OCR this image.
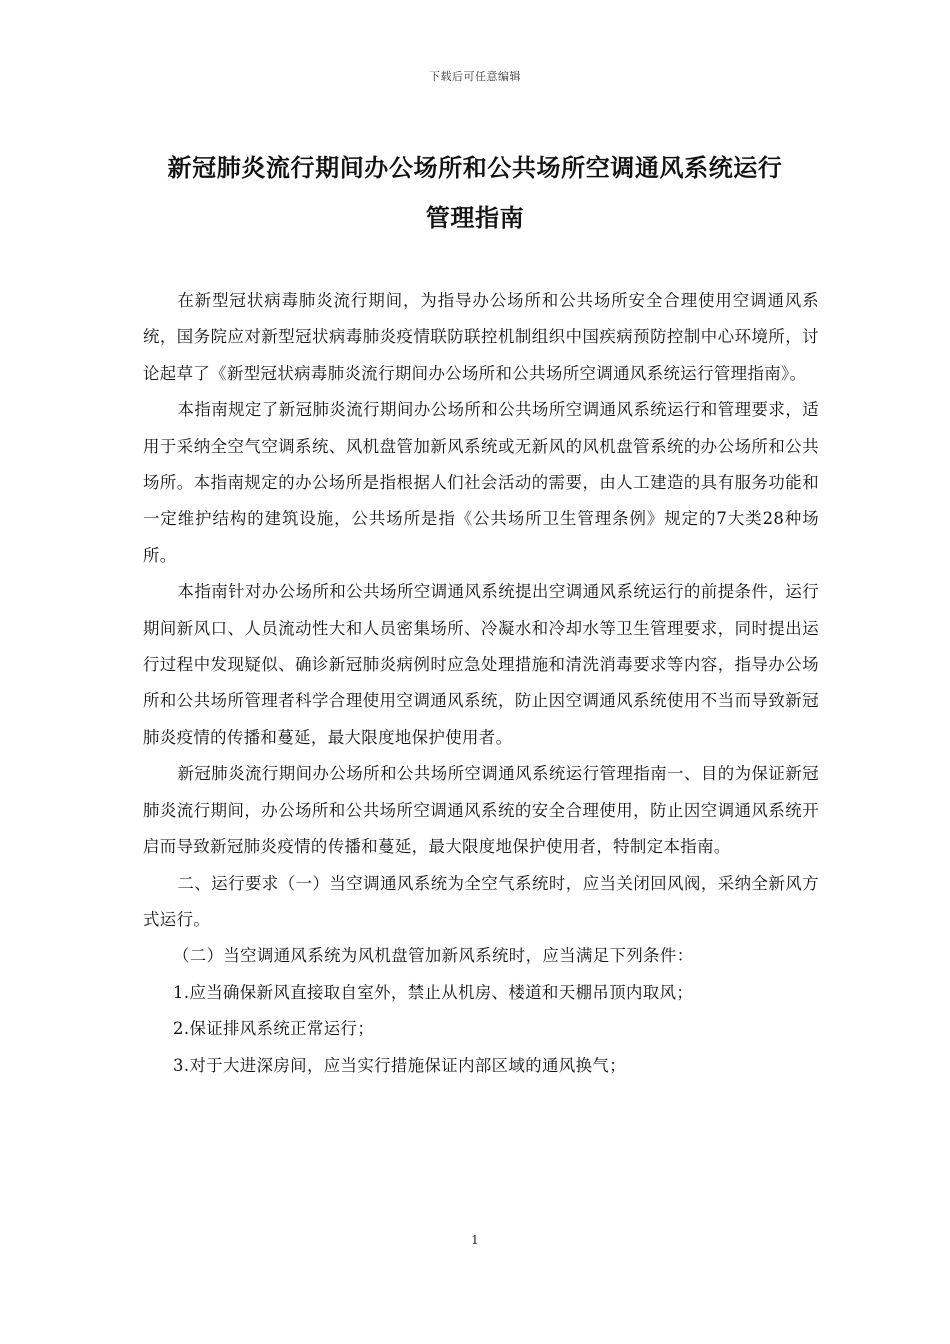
下载后可任意编辑
新冠肺炎流行期间办公场所和公共场所空调通风系统运行
管理指南

在新型冠状病毒肺炎流行期间，为指导办公场所和公共场所安全合理使用空调通风系统，国务院应对新型冠状病毒肺炎疫情联防联控机制组织中国疾病预防控制中心环境所，讨论起草了《新型冠状病毒肺炎流行期间办公场所和公共场所空调通风系统运行管理指南》。

本指南规定了新冠肺炎流行期间办公场所和公共场所空调通风系统运行和管理要求，适用于采纳全空气空调系统、风机盘管加新风系统或无新风的风机盘管系统的办公场所和公共场所。本指南规定的办公场所是指根据人们社会活动的需要，由人工建造的具有服务功能和一定维护结构的建筑设施，公共场所是指《公共场所卫生管理条例》规定的7大类28种场所。

本指南针对办公场所和公共场所空调通风系统提出空调通风系统运行的前提条件，运行期间新风口、人员流动性大和人员密集场所、冷凝水和冷却水等卫生管理要求，同时提出运行过程中发现疑似、确诊新冠肺炎病例时应急处理措施和清洗消毒要求等内容，指导办公场所和公共场所管理者科学合理使用空调通风系统，防止因空调通风系统使用不当而导致新冠肺炎疫情的传播和蔓延，最大限度地保护使用者。

新冠肺炎流行期间办公场所和公共场所空调通风系统运行管理指南一、目的为保证新冠肺炎流行期间，办公场所和公共场所空调通风系统的安全合理使用，防止因空调通风系统开启而导致新冠肺炎疫情的传播和蔓延，最大限度地保护使用者，特制定本指南。

二、运行要求（一）当空调通风系统为全空气系统时，应当关闭回风阀，采纳全新风方式运行。

（二）当空调通风系统为风机盘管加新风系统时，应当满足下列条件：

1.应当确保新风直接取自室外，禁止从机房、楼道和天棚吊顶内取风；

2.保证排风系统正常运行；

3.对于大进深房间，应当实行措施保证内部区域的通风换气；

1
